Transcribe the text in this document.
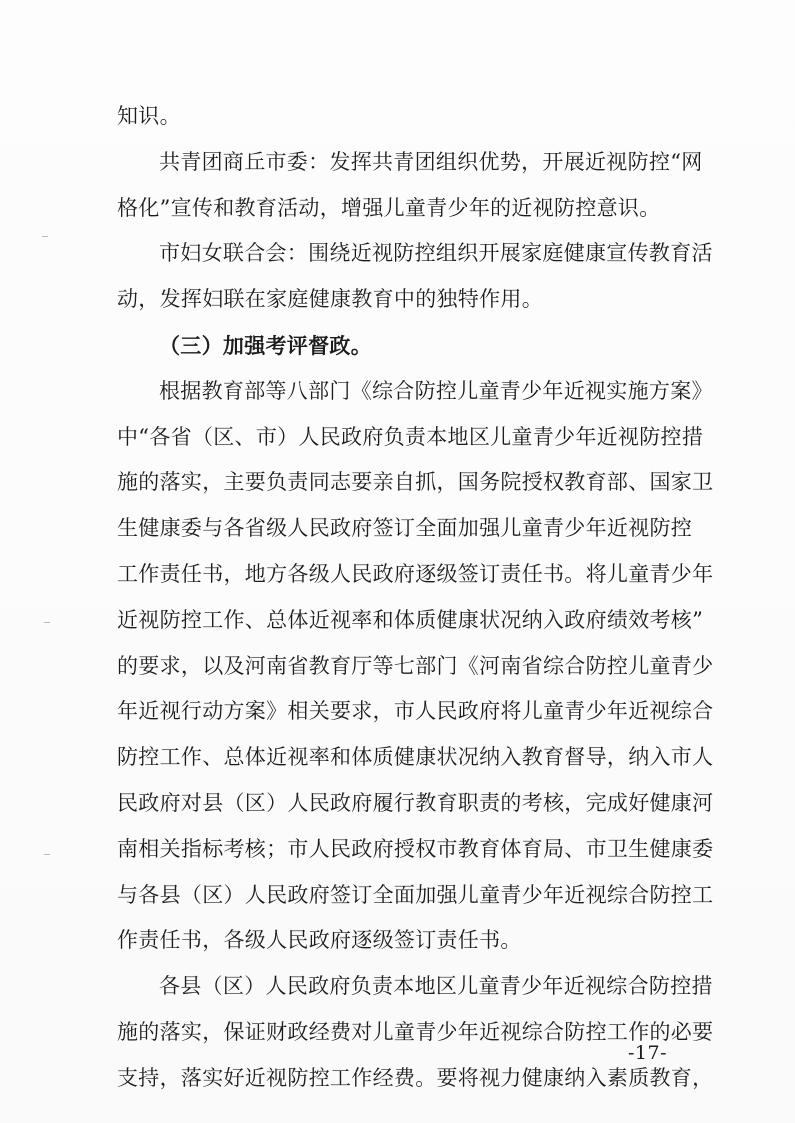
知识。

共青团商丘市委：发挥共青团组织优势，开展近视防控“网
格化”宣传和教育活动，增强儿童青少年的近视防控意识。

市妇女联合会：围绕近视防控组织开展家庭健康宣传教育活
动，发挥妇联在家庭健康教育中的独特作用。

（三）加强考评督政。

根据教育部等八部门《综合防控儿童青少年近视实施方案》
中“各省（区、市）人民政府负责本地区儿童青少年近视防控措
施的落实，主要负责同志要亲自抓，国务院授权教育部、国家卫
生健康委与各省级人民政府签订全面加强儿童青少年近视防控
工作责任书，地方各级人民政府逐级签订责任书。将儿童青少年
近视防控工作、总体近视率和体质健康状况纳入政府绩效考核”
的要求，以及河南省教育厅等七部门《河南省综合防控儿童青少
年近视行动方案》相关要求，市人民政府将儿童青少年近视综合
防控工作、总体近视率和体质健康状况纳入教育督导，纳入市人
民政府对县（区）人民政府履行教育职责的考核，完成好健康河
南相关指标考核；市人民政府授权市教育体育局、市卫生健康委
与各县（区）人民政府签订全面加强儿童青少年近视综合防控工
作责任书，各级人民政府逐级签订责任书。

各县（区）人民政府负责本地区儿童青少年近视综合防控措
施的落实，保证财政经费对儿童青少年近视综合防控工作的必要
支持，落实好近视防控工作经费。要将视力健康纳入素质教育，

-17-
